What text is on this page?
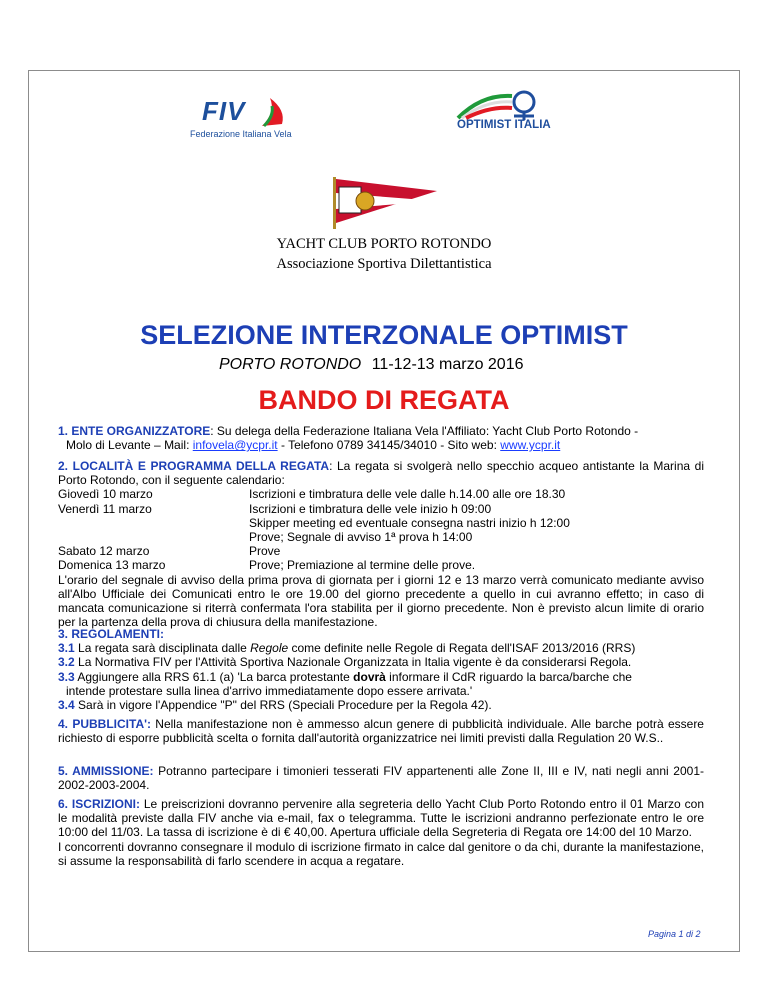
FIV
Federazione Italiana Vela
OPTIMIST ITALIA
YACHT CLUB PORTO ROTONDO
Associazione Sportiva Dilettantistica
SELEZIONE INTERZONALE OPTIMIST
PORTO ROTONDO 11-12-13 marzo 2016
BANDO DI REGATA
1. ENTE ORGANIZZATORE: Su delega della Federazione Italiana Vela l'Affiliato: Yacht Club Porto Rotondo -
Molo di Levante – Mail: infovela@ycpr.it - Telefono 0789 34145/34010 - Sito web: www.ycpr.it
2. LOCALITÀ E PROGRAMMA DELLA REGATA: La regata si svolgerà nello specchio acqueo antistante la Marina di Porto Rotondo, con il seguente calendario:
Giovedì 10 marzo	Iscrizioni e timbratura delle vele dalle h.14.00 alle ore 18.30
Venerdì 11 marzo	Iscrizioni e timbratura delle vele inizio h 09:00
Skipper meeting ed eventuale consegna nastri inizio h 12:00
Prove; Segnale di avviso 1ª prova h 14:00
Sabato 12 marzo	Prove
Domenica 13 marzo	Prove; Premiazione al termine delle prove.
L'orario del segnale di avviso della prima prova di giornata per i giorni 12 e 13 marzo verrà comunicato mediante avviso all'Albo Ufficiale dei Comunicati entro le ore 19.00 del giorno precedente a quello in cui avranno effetto; in caso di mancata comunicazione si riterrà confermata l'ora stabilita per il giorno precedente. Non è previsto alcun limite di orario per la partenza della prova di chiusura della manifestazione.
3. REGOLAMENTI:
3.1 La regata sarà disciplinata dalle Regole come definite nelle Regole di Regata dell'ISAF 2013/2016 (RRS)
3.2 La Normativa FIV per l'Attività Sportiva Nazionale Organizzata in Italia vigente è da considerarsi Regola.
3.3 Aggiungere alla RRS 61.1 (a) 'La barca protestante dovrà informare il CdR riguardo la barca/barche che
intende protestare sulla linea d'arrivo immediatamente dopo essere arrivata.'
3.4 Sarà in vigore l'Appendice "P" del RRS (Speciali Procedure per la Regola 42).
4. PUBBLICITA': Nella manifestazione non è ammesso alcun genere di pubblicità individuale. Alle barche potrà essere richiesto di esporre pubblicità scelta o fornita dall'autorità organizzatrice nei limiti previsti dalla Regulation 20 W.S..
5. AMMISSIONE: Potranno partecipare i timonieri tesserati FIV appartenenti alle Zone II, III e IV, nati negli anni 2001-2002-2003-2004.
6. ISCRIZIONI: Le preiscrizioni dovranno pervenire alla segreteria dello Yacht Club Porto Rotondo entro il 01 Marzo con le modalità previste dalla FIV anche via e-mail, fax o telegramma. Tutte le iscrizioni andranno perfezionate entro le ore 10:00 del 11/03. La tassa di iscrizione è di € 40,00. Apertura ufficiale della Segreteria di Regata ore 14:00 del 10 Marzo.
I concorrenti dovranno consegnare il modulo di iscrizione firmato in calce dal genitore o da chi, durante la manifestazione, si assume la responsabilità di farlo scendere in acqua a regatare.
Pagina 1 di 2
